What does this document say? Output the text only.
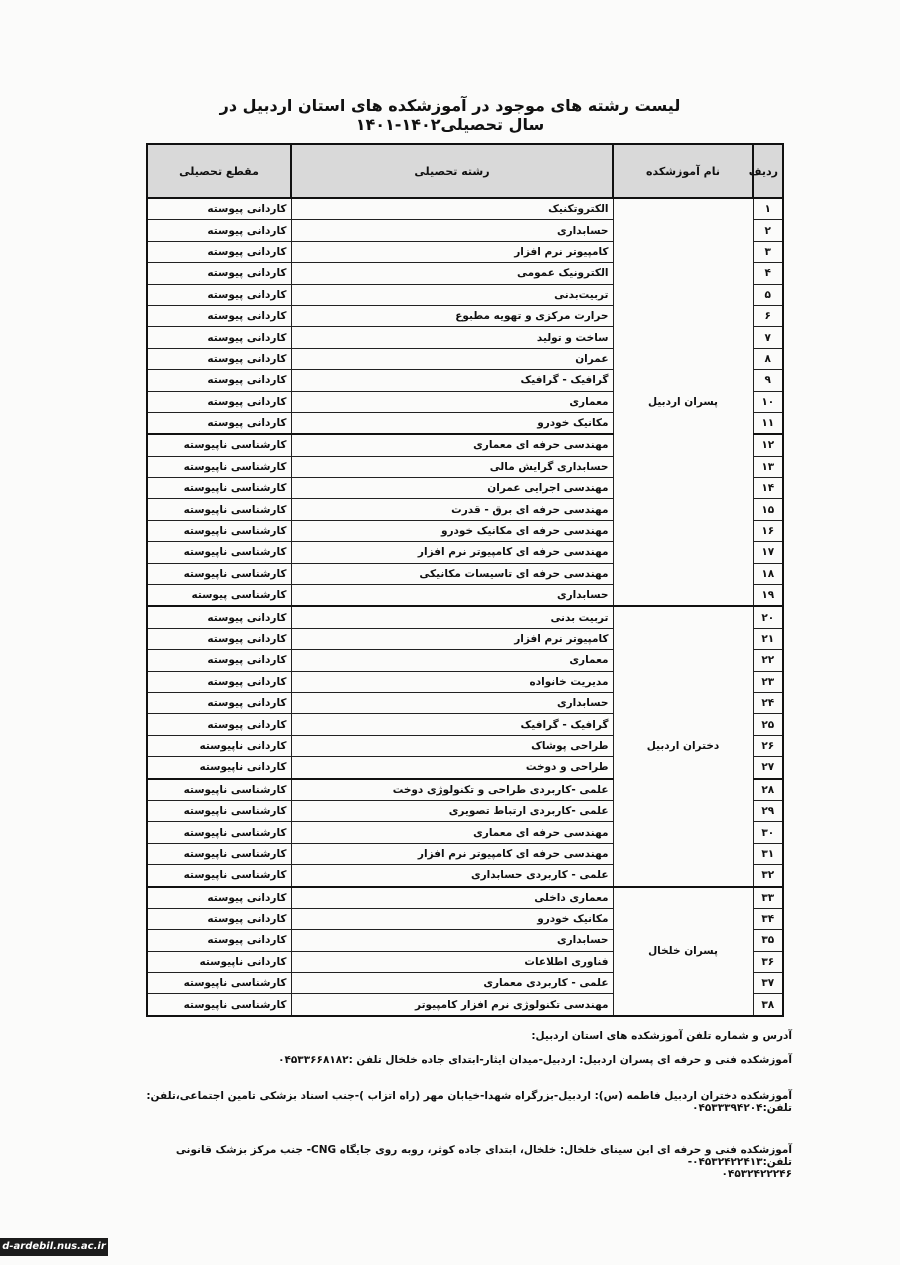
لیست رشته های موجود در آموزشکده های استان اردبیل در سال تحصیلی۱۴۰۲-۱۴۰۱
ردیف	نام آموزشکده	رشته تحصیلی	مقطع تحصیلی
۱	پسران اردبیل	الکتروتکنیک	کاردانی پیوسته
۲		حسابداری	کاردانی پیوسته
۳		کامپیوتر نرم افزار	کاردانی پیوسته
۴		الکترونیک عمومی	کاردانی پیوسته
۵		تربیت‌بدنی	کاردانی پیوسته
۶		حرارت مرکزی و تهویه مطبوع	کاردانی پیوسته
۷		ساخت و تولید	کاردانی پیوسته
۸		عمران	کاردانی پیوسته
۹		گرافیک - گرافیک	کاردانی پیوسته
۱۰		معماری	کاردانی پیوسته
۱۱		مکانیک خودرو	کاردانی پیوسته
۱۲		مهندسی حرفه ای معماری	کارشناسی ناپیوسته
۱۳		حسابداری گرایش مالی	کارشناسی ناپیوسته
۱۴		مهندسی اجرایی عمران	کارشناسی ناپیوسته
۱۵		مهندسی حرفه ای برق - قدرت	کارشناسی ناپیوسته
۱۶		مهندسی حرفه ای مکانیک خودرو	کارشناسی ناپیوسته
۱۷		مهندسی حرفه ای کامپیوتر نرم افزار	کارشناسی ناپیوسته
۱۸		مهندسی حرفه ای تاسیسات مکانیکی	کارشناسی ناپیوسته
۱۹		حسابداری	کارشناسی پیوسته
۲۰	دختران اردبیل	تربیت بدنی	کاردانی پیوسته
۲۱		کامپیوتر نرم افزار	کاردانی پیوسته
۲۲		معماری	کاردانی پیوسته
۲۳		مدیریت خانواده	کاردانی پیوسته
۲۴		حسابداری	کاردانی پیوسته
۲۵		گرافیک - گرافیک	کاردانی پیوسته
۲۶		طراحی پوشاک	کاردانی ناپیوسته
۲۷		طراحی و دوخت	کاردانی ناپیوسته
۲۸		علمی -کاربردی طراحی و تکنولوژی دوخت	کارشناسی ناپیوسته
۲۹		علمی -کاربردی ارتباط تصویری	کارشناسی ناپیوسته
۳۰		مهندسی حرفه ای معماری	کارشناسی ناپیوسته
۳۱		مهندسی حرفه ای کامپیوتر نرم افزار	کارشناسی ناپیوسته
۳۲		علمی - کاربردی حسابداری	کارشناسی ناپیوسته
۳۳	پسران خلخال	معماری داخلی	کاردانی پیوسته
۳۴		مکانیک خودرو	کاردانی پیوسته
۳۵		حسابداری	کاردانی پیوسته
۳۶		فناوری اطلاعات	کاردانی ناپیوسته
۳۷		علمی - کاربردی معماری	کارشناسی ناپیوسته
۳۸		مهندسی تکنولوژی نرم افزار کامپیوتر	کارشناسی ناپیوسته

آدرس و شماره تلفن آموزشکده های استان اردبیل:

آموزشکده فنی و حرفه ای پسران اردبیل: اردبیل-میدان ایثار-ابتدای جاده خلخال تلفن :۰۴۵۳۳۶۶۸۱۸۲

آموزشکده دختران اردبیل فاطمه (س): اردبیل-بزرگراه شهدا-خیابان مهر (راه اتزاب )-جنب اسناد بزشکی تامین اجتماعی،تلفن: تلفن:۰۴۵۳۳۳۹۴۲۰۴

آموزشکده فنی و حرفه ای ابن سینای خلخال: خلخال، ابتدای جاده کوثر، روبه روی جایگاه CNG- جنب مرکز بزشک قانونی تلفن:۰۴۵۳۲۴۲۲۴۱۳-

۰۴۵۳۲۴۲۲۲۴۶

d-ardebil.nus.ac.ir
